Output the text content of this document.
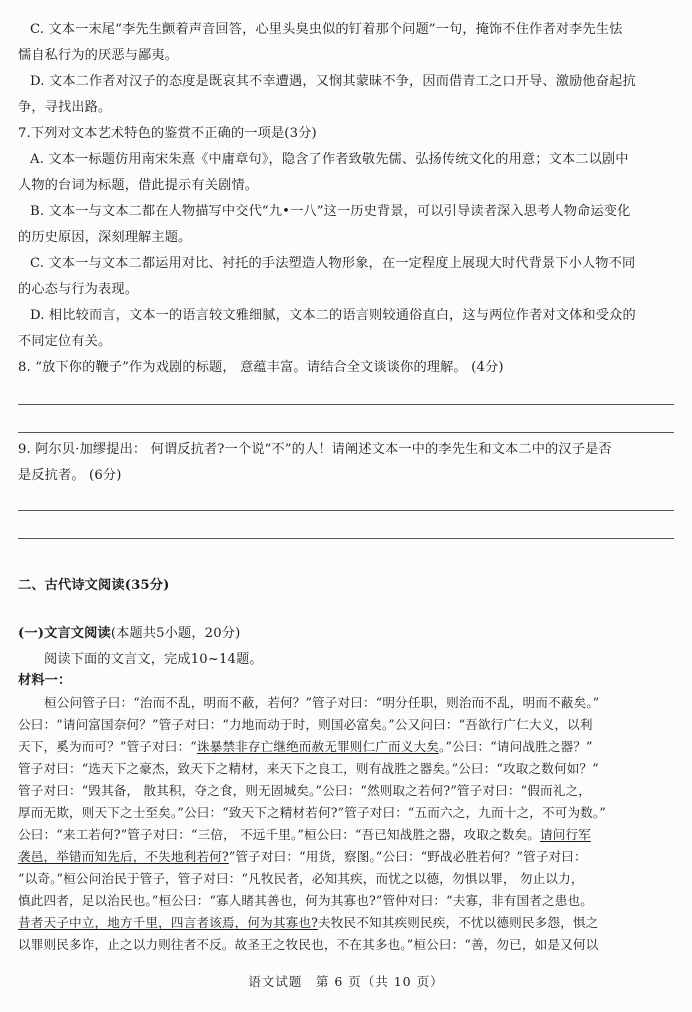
C. 文本一末尾“李先生颤着声音回答，心里头臭虫似的钉着那个问题”一句，掩饰不住作者对李先生怯
懦自私行为的厌恶与鄙夷。
D. 文本二作者对汉子的态度是既哀其不幸遭遇，又悯其蒙昧不争，因而借青工之口开导、激励他奋起抗
争，寻找出路。
7.下列对文本艺术特色的鉴赏不正确的一项是(3分)
A. 文本一标题仿用南宋朱熹《中庸章句》，隐含了作者致敬先儒、弘扬传统文化的用意；文本二以剧中
人物的台词为标题，借此提示有关剧情。
B. 文本一与文本二都在人物描写中交代“九•一八”这一历史背景，可以引导读者深入思考人物命运变化
的历史原因，深刻理解主题。
C. 文本一与文本二都运用对比、衬托的手法塑造人物形象，在一定程度上展现大时代背景下小人物不同
的心态与行为表现。
D. 相比较而言，文本一的语言较文雅细腻，文本二的语言则较通俗直白，这与两位作者对文体和受众的
不同定位有关。
8. “放下你的鞭子”作为戏剧的标题， 意蕴丰富。请结合全文谈谈你的理解。 (4分)
9. 阿尔贝·加缪提出： 何谓反抗者?一个说“不”的人！请阐述文本一中的李先生和文本二中的汉子是否
是反抗者。 (6分)
二、古代诗文阅读(35分)
(一)文言文阅读(本题共5小题，20分)
阅读下面的文言文，完成10~14题。
材料一：
桓公问管子曰：“治而不乱，明而不蔽，若何？”管子对曰：“明分任职，则治而不乱，明而不蔽矣。”
公曰：“请问富国奈何？”管子对曰：“力地而动于时，则国必富矣。”公又问曰：“吾欲行广仁大义，以利
天下，奚为而可？”管子对曰：“诛暴禁非存亡继绝而赦无罪则仁广而义大矣。”公曰：“请问战胜之器？”
管子对曰：“选天下之豪杰，致天下之精材，来天下之良工，则有战胜之器矣。”公曰：“攻取之数何如？”
管子对曰：“毁其备， 散其积，夺之食，则无固城矣。”公曰：“然则取之若何?”管子对曰：“假而礼之，
厚而无欺，则天下之士至矣。”公曰：“致天下之精材若何?”管子对曰：“五而六之，九而十之，不可为数。”
公曰：“来工若何?”管子对曰：“三倍， 不远千里。”桓公曰：“吾已知战胜之器，攻取之数矣。请问行军
袭邑，举错而知先后，不失地利若何?”管子对曰：“用货，察图。”公曰：“野战必胜若何？”管子对曰：
“以奇。”桓公问治民于管子，管子对曰：“凡牧民者，必知其疾，而忧之以德，勿惧以罪， 勿止以力，
慎此四者，足以治民也。”桓公曰：“寡人睹其善也，何为其寡也?”管仲对曰：“夫寡，非有国者之患也。
昔者天子中立，地方千里，四言者该焉，何为其寡也?夫牧民不知其疾则民疾，不忧以德则民多怨，惧之
以罪则民多诈，止之以力则往者不反。故圣王之牧民也，不在其多也。”桓公曰：“善，勿已，如是又何以
语文试题　第 6 页（共 10 页）
